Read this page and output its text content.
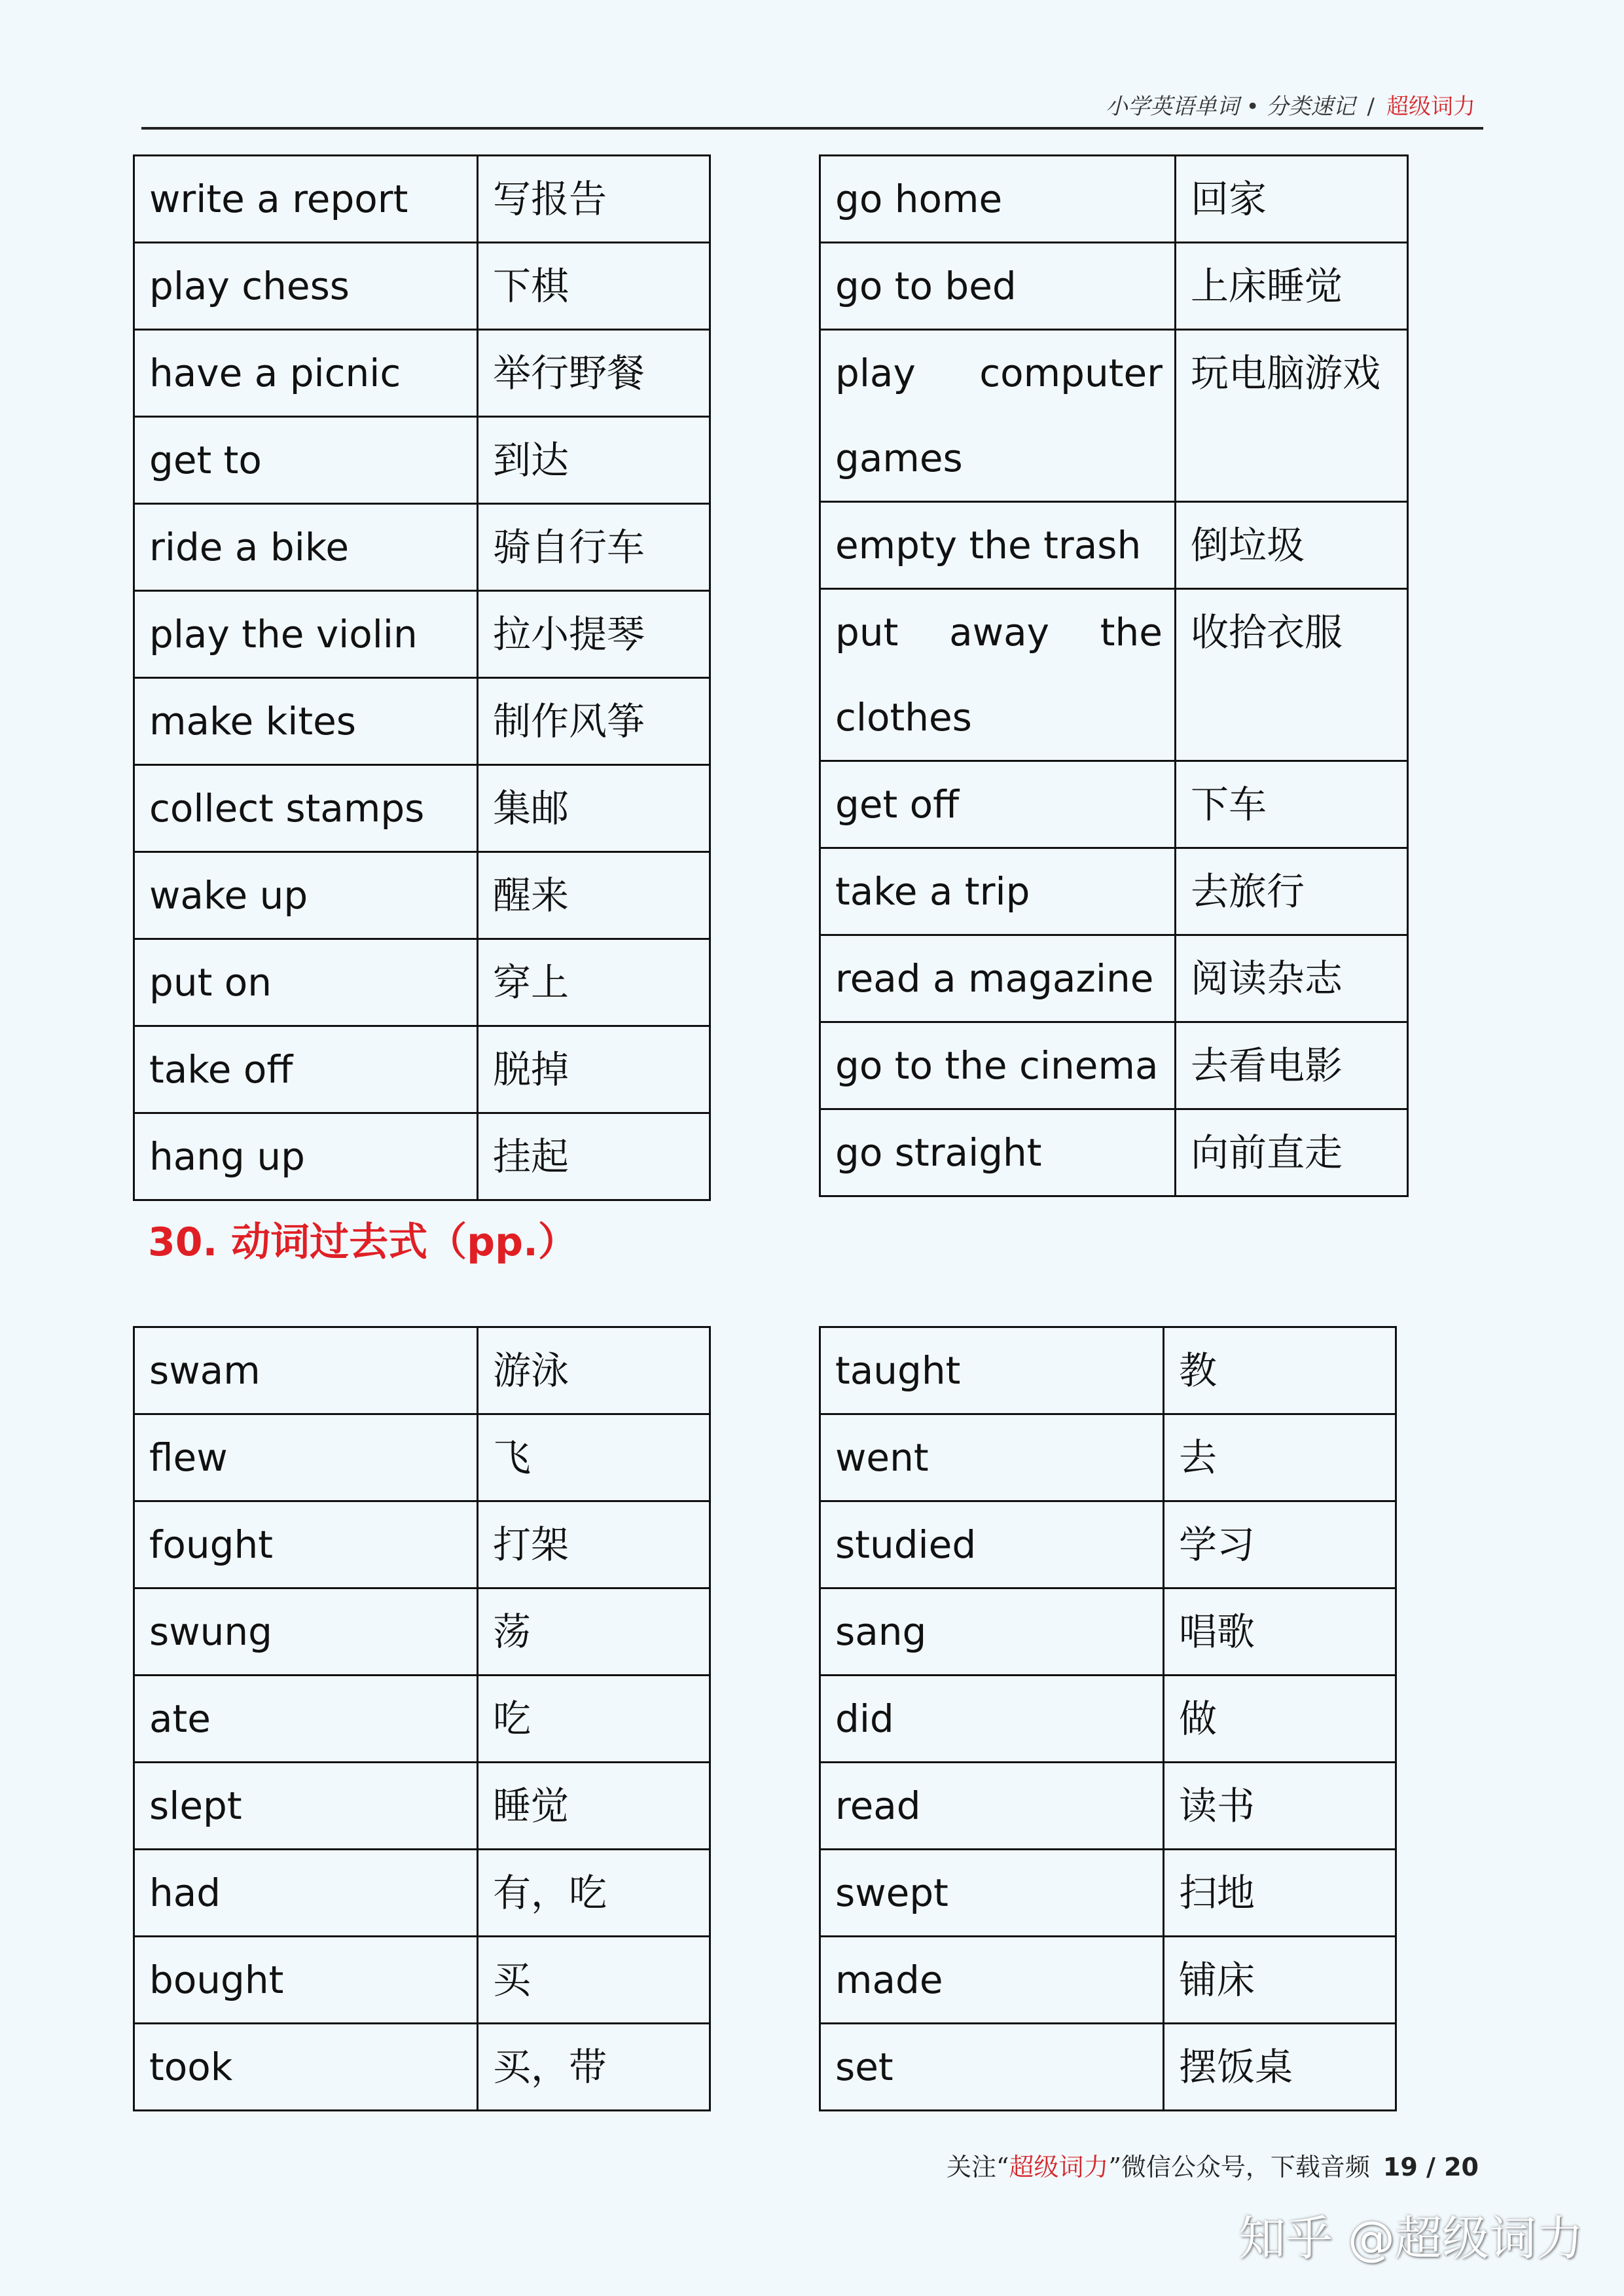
小学英语单词 • 分类速记 / 超级词力
write a report	写报告
play chess	下棋
have a picnic	举行野餐
get to	到达
ride a bike	骑自行车
play the violin	拉小提琴
make kites	制作风筝
collect stamps	集邮
wake up	醒来
put on	穿上
take off	脱掉
hang up	挂起
go home	回家
go to bed	上床睡觉
play computer games	玩电脑游戏
empty the trash	倒垃圾
put away the clothes	收拾衣服
get off	下车
take a trip	去旅行
read a magazine	阅读杂志
go to the cinema	去看电影
go straight	向前直走
30. 动词过去式（pp.）
swam	游泳
flew	飞
fought	打架
swung	荡
ate	吃
slept	睡觉
had	有，吃
bought	买
took	买，带
taught	教
went	去
studied	学习
sang	唱歌
did	做
read	读书
swept	扫地
made	铺床
set	摆饭桌
关注“超级词力”微信公众号，下载音频 19 / 20
知乎 @超级词力
